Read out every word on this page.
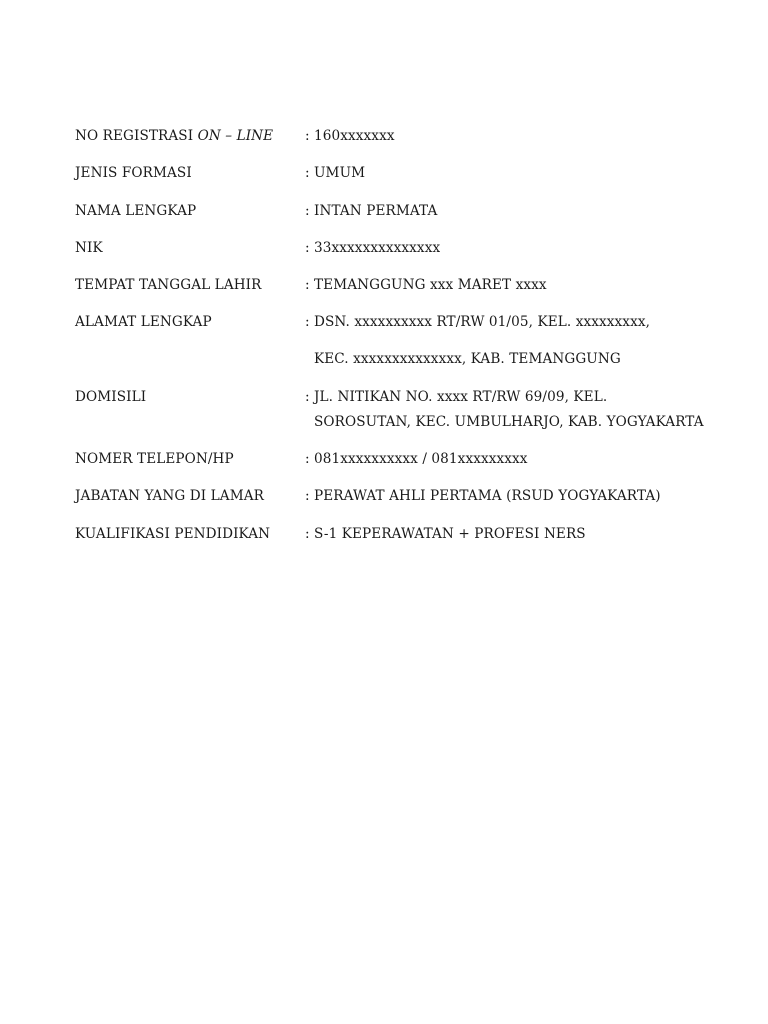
NO REGISTRASI ON – LINE	: 160xxxxxxx
JENIS FORMASI	: UMUM
NAMA LENGKAP	: INTAN PERMATA
NIK	: 33xxxxxxxxxxxxxx
TEMPAT TANGGAL LAHIR	: TEMANGGUNG xxx MARET xxxx
ALAMAT LENGKAP	: DSN. xxxxxxxxxx RT/RW 01/05, KEL. xxxxxxxxx,
KEC. xxxxxxxxxxxxxx, KAB. TEMANGGUNG
DOMISILI	: JL. NITIKAN NO. xxxx RT/RW 69/09, KEL.
SOROSUTAN, KEC. UMBULHARJO, KAB. YOGYAKARTA
NOMER TELEPON/HP	: 081xxxxxxxxxx / 081xxxxxxxxx
JABATAN YANG DI LAMAR	: PERAWAT AHLI PERTAMA (RSUD YOGYAKARTA)
KUALIFIKASI PENDIDIKAN	: S-1 KEPERAWATAN + PROFESI NERS
